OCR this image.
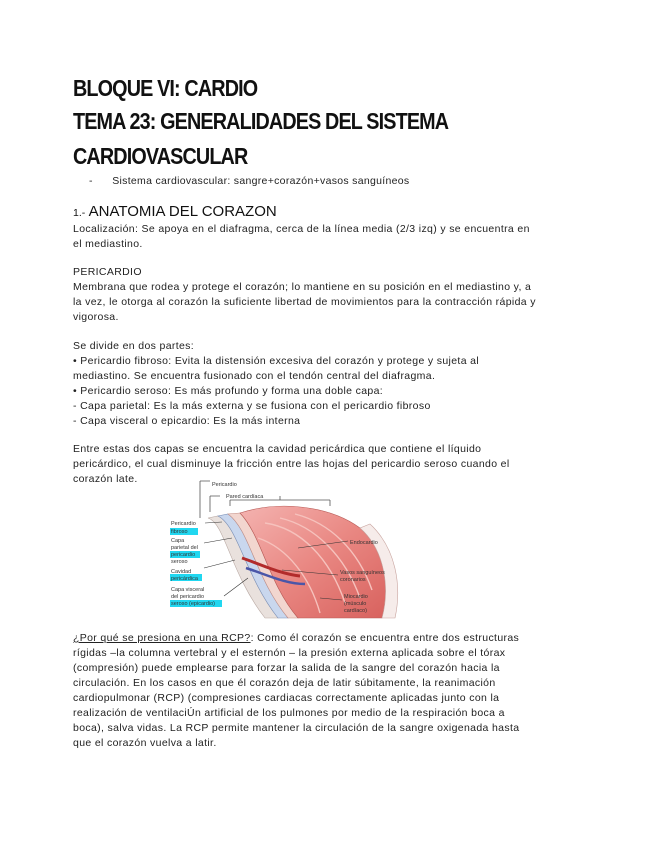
BLOQUE VI: CARDIO
TEMA 23: GENERALIDADES DEL SISTEMA
CARDIOVASCULAR
- Sistema cardiovascular: sangre+corazón+vasos sanguíneos
1.- ANATOMIA DEL CORAZON
Localización: Se apoya en el diafragma, cerca de la línea media (2/3 izq) y se encuentra en
el mediastino.
PERICARDIO
Membrana que rodea y protege el corazón; lo mantiene en su posición en el mediastino y, a
la vez, le otorga al corazón la suficiente libertad de movimientos para la contracción rápida y
vigorosa.
Se divide en dos partes:
• Pericardio fibroso: Evita la distensión excesiva del corazón y protege y sujeta al
mediastino. Se encuentra fusionado con el tendón central del diafragma.
• Pericardio seroso: Es más profundo y forma una doble capa:
- Capa parietal: Es la más externa y se fusiona con el pericardio fibroso
- Capa visceral o epicardio: Es la más interna
Entre estas dos capas se encuentra la cavidad pericárdica que contiene el líquido
pericárdico, el cual disminuye la fricción entre las hojas del pericardio seroso cuando el
corazón late.	Pericardio
Pared cardíaca
Pericardio
fibroso
Capa
parietal del
pericardio
seroso
Cavidad
pericárdica
Capa visceral
del pericardio
seroso (epicardio)
Endocardio
Vasos sanguíneos
coronarios
Miocardio
(músculo
cardíaco)
¿Por qué se presiona en una RCP?: Como él corazón se encuentra entre dos estructuras
rígidas –la columna vertebral y el esternón – la presión externa aplicada sobre el tórax
(compresión) puede emplearse para forzar la salida de la sangre del corazón hacia la
circulación. En los casos en que él corazón deja de latir súbitamente, la reanimación
cardiopulmonar (RCP) (compresiones cardiacas correctamente aplicadas junto con la
realización de ventilaciÚn artificial de los pulmones por medio de la respiración boca a
boca), salva vidas. La RCP permite mantener la circulación de la sangre oxigenada hasta
que el corazón vuelva a latir.
